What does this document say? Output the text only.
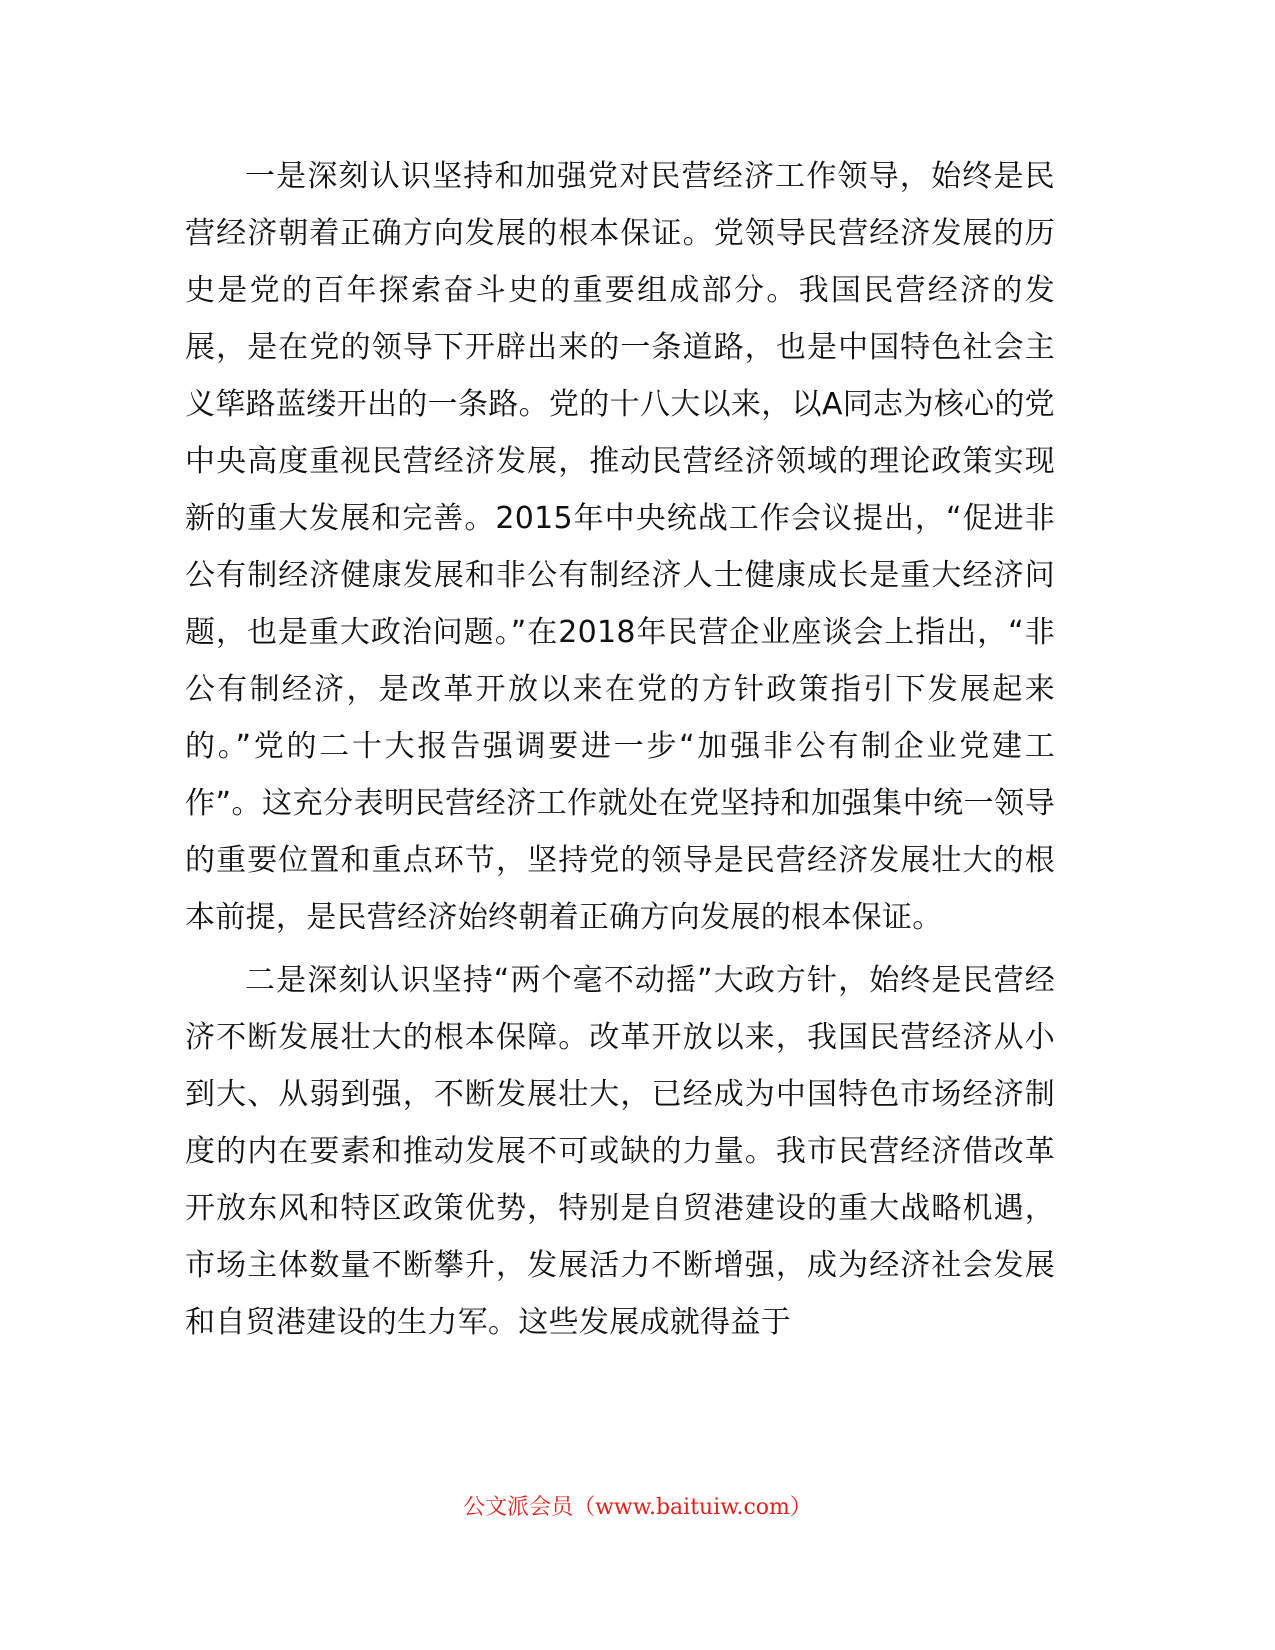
一是深刻认识坚持和加强党对民营经济工作领导，始终是民营经济朝着正确方向发展的根本保证。党领导民营经济发展的历史是党的百年探索奋斗史的重要组成部分。我国民营经济的发展，是在党的领导下开辟出来的一条道路，也是中国特色社会主义筚路蓝缕开出的一条路。党的十八大以来，以A同志为核心的党中央高度重视民营经济发展，推动民营经济领域的理论政策实现新的重大发展和完善。2015年中央统战工作会议提出，“促进非公有制经济健康发展和非公有制经济人士健康成长是重大经济问题，也是重大政治问题。”在2018年民营企业座谈会上指出，“非公有制经济，是改革开放以来在党的方针政策指引下发展起来的。”党的二十大报告强调要进一步“加强非公有制企业党建工作”。这充分表明民营经济工作就处在党坚持和加强集中统一领导的重要位置和重点环节，坚持党的领导是民营经济发展壮大的根本前提，是民营经济始终朝着正确方向发展的根本保证。

二是深刻认识坚持“两个毫不动摇”大政方针，始终是民营经济不断发展壮大的根本保障。改革开放以来，我国民营经济从小到大、从弱到强，不断发展壮大，已经成为中国特色市场经济制度的内在要素和推动发展不可或缺的力量。我市民营经济借改革开放东风和特区政策优势，特别是自贸港建设的重大战略机遇，市场主体数量不断攀升，发展活力不断增强，成为经济社会发展和自贸港建设的生力军。这些发展成就得益于

公文派会员（www.baituiw.com）
